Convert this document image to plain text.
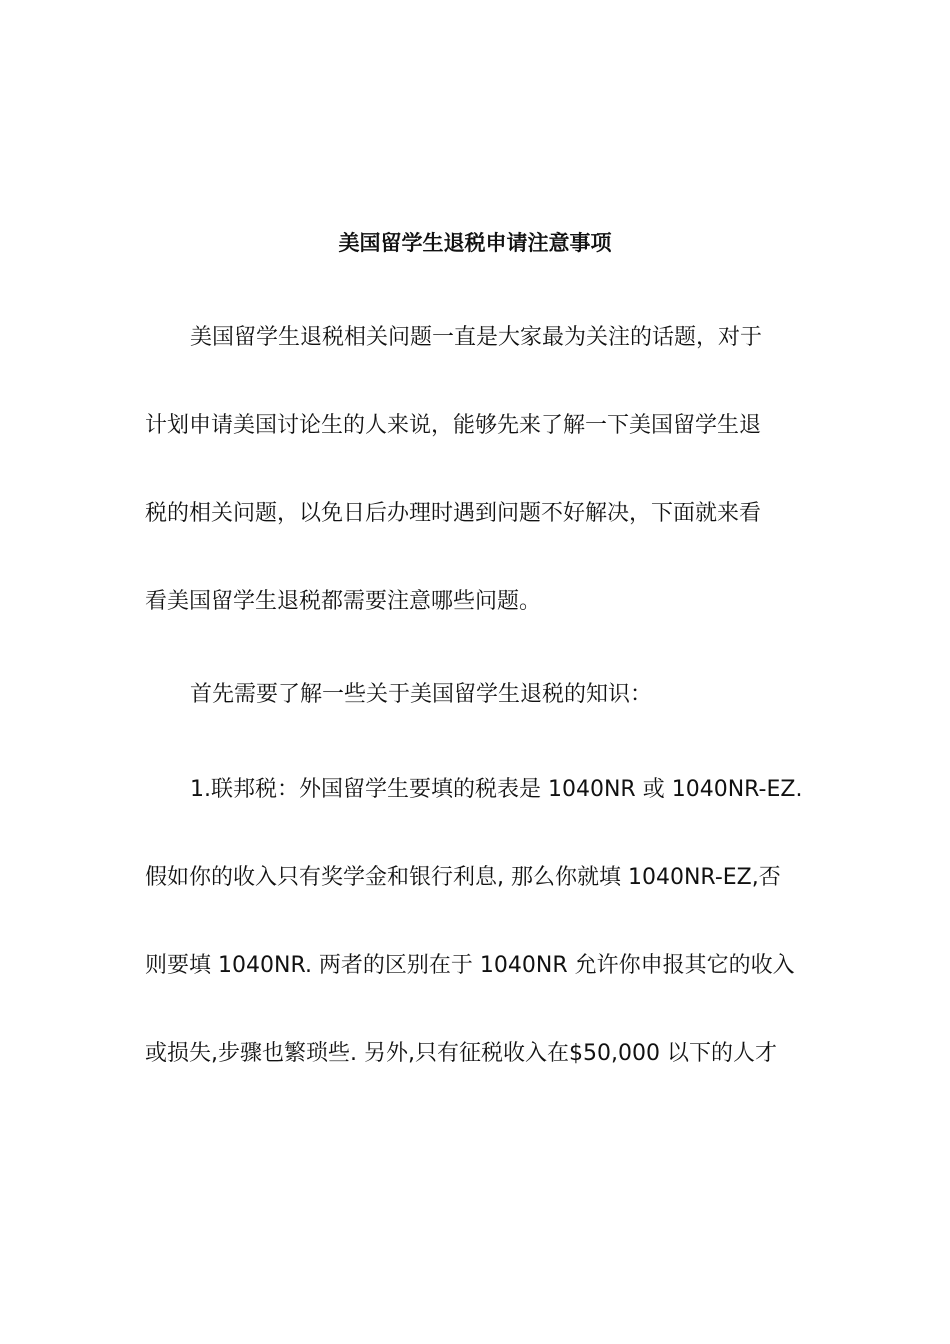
美国留学生退税申请注意事项
美国留学生退税相关问题一直是大家最为关注的话题，对于
计划申请美国讨论生的人来说，能够先来了解一下美国留学生退
税的相关问题，以免日后办理时遇到问题不好解决，下面就来看
看美国留学生退税都需要注意哪些问题。
首先需要了解一些关于美国留学生退税的知识：
1.联邦税：外国留学生要填的税表是 1040NR 或 1040NR-EZ.
假如你的收入只有奖学金和银行利息, 那么你就填 1040NR-EZ,否
则要填 1040NR. 两者的区别在于 1040NR 允许你申报其它的收入
或损失,步骤也繁琐些. 另外,只有征税收入在$50,000 以下的人才
